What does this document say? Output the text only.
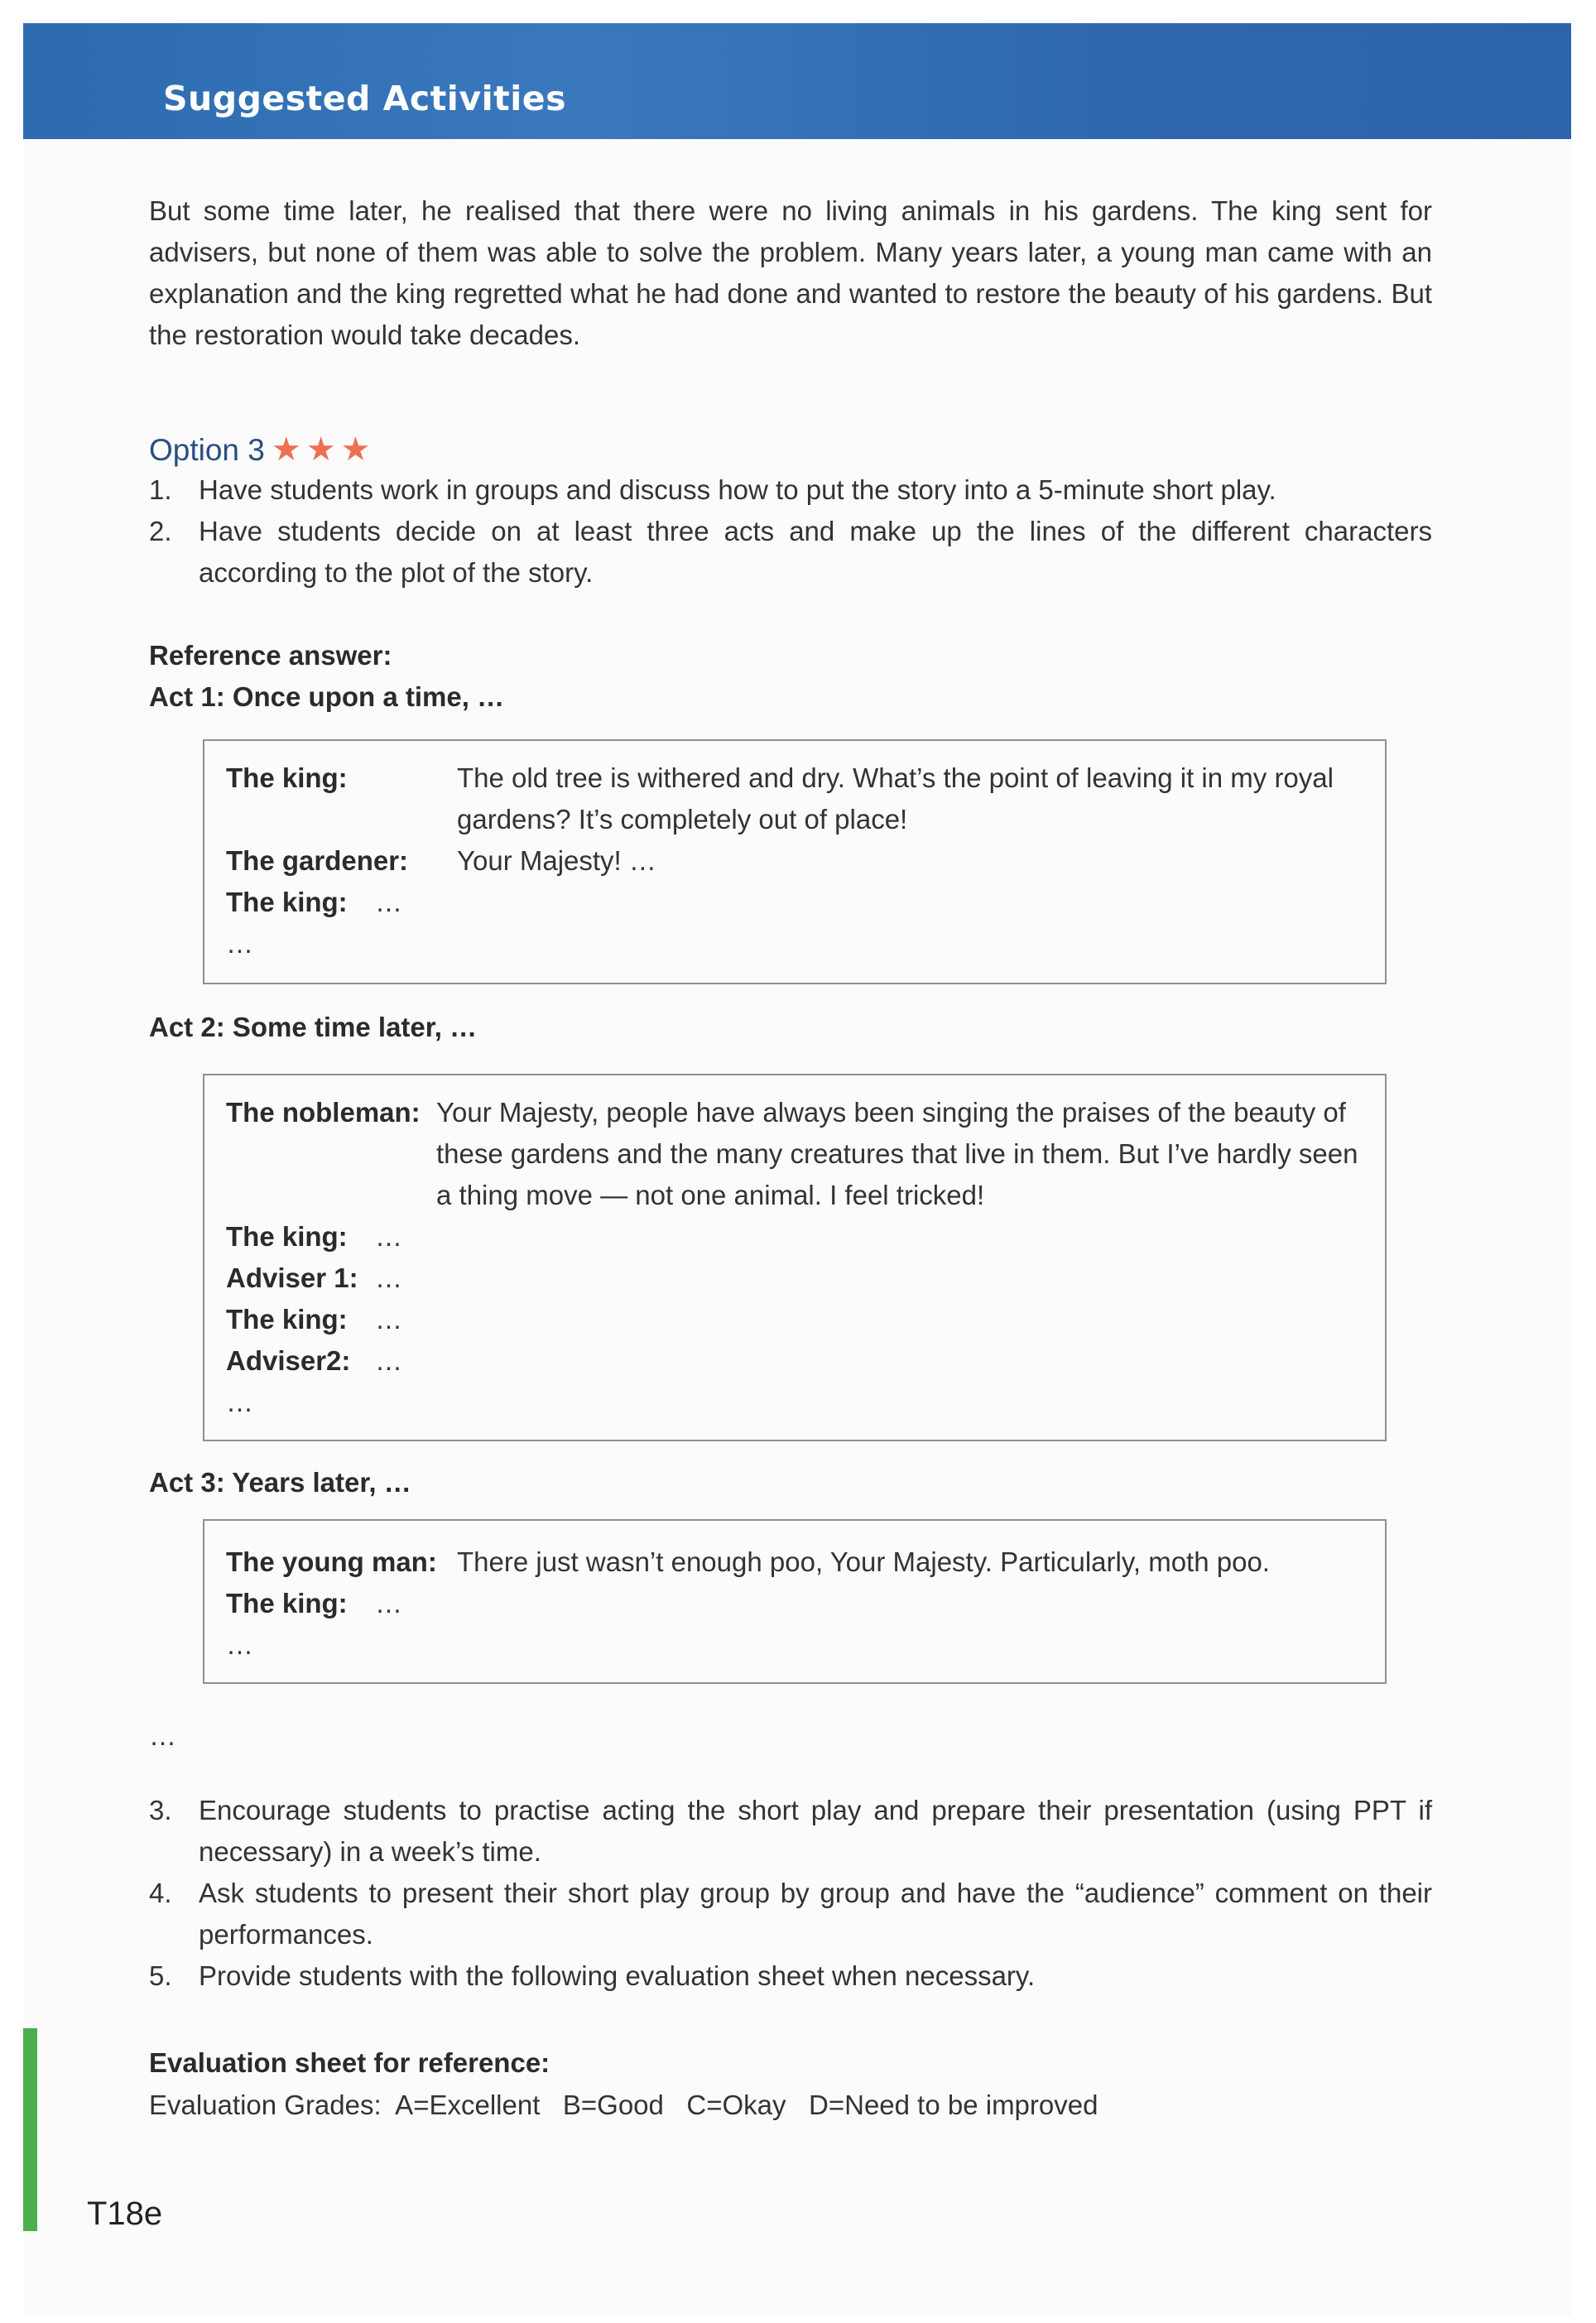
Suggested Activities
But some time later, he realised that there were no living animals in his gardens. The king sent for advisers, but none of them was able to solve the problem. Many years later, a young man came with an explanation and the king regretted what he had done and wanted to restore the beauty of his gardens. But the restoration would take decades.
Option 3 ★★★
1. Have students work in groups and discuss how to put the story into a 5-minute short play.
2. Have students decide on at least three acts and make up the lines of the different characters according to the plot of the story.
Reference answer:
Act 1: Once upon a time, …
The king:	The old tree is withered and dry. What’s the point of leaving it in my royal gardens? It’s completely out of place!
The gardener: Your Majesty! …
The king: …
…
Act 2: Some time later, …
The nobleman: Your Majesty, people have always been singing the praises of the beauty of these gardens and the many creatures that live in them. But I’ve hardly seen a thing move — not one animal. I feel tricked!
The king: …
Adviser 1: …
The king: …
Adviser2: …
…
Act 3: Years later, …
The young man: There just wasn’t enough poo, Your Majesty. Particularly, moth poo.
The king: …
…
…
3. Encourage students to practise acting the short play and prepare their presentation (using PPT if necessary) in a week’s time.
4. Ask students to present their short play group by group and have the “audience” comment on their performances.
5. Provide students with the following evaluation sheet when necessary.
Evaluation sheet for reference:
Evaluation Grades:  A=Excellent   B=Good   C=Okay   D=Need to be improved
T18e
